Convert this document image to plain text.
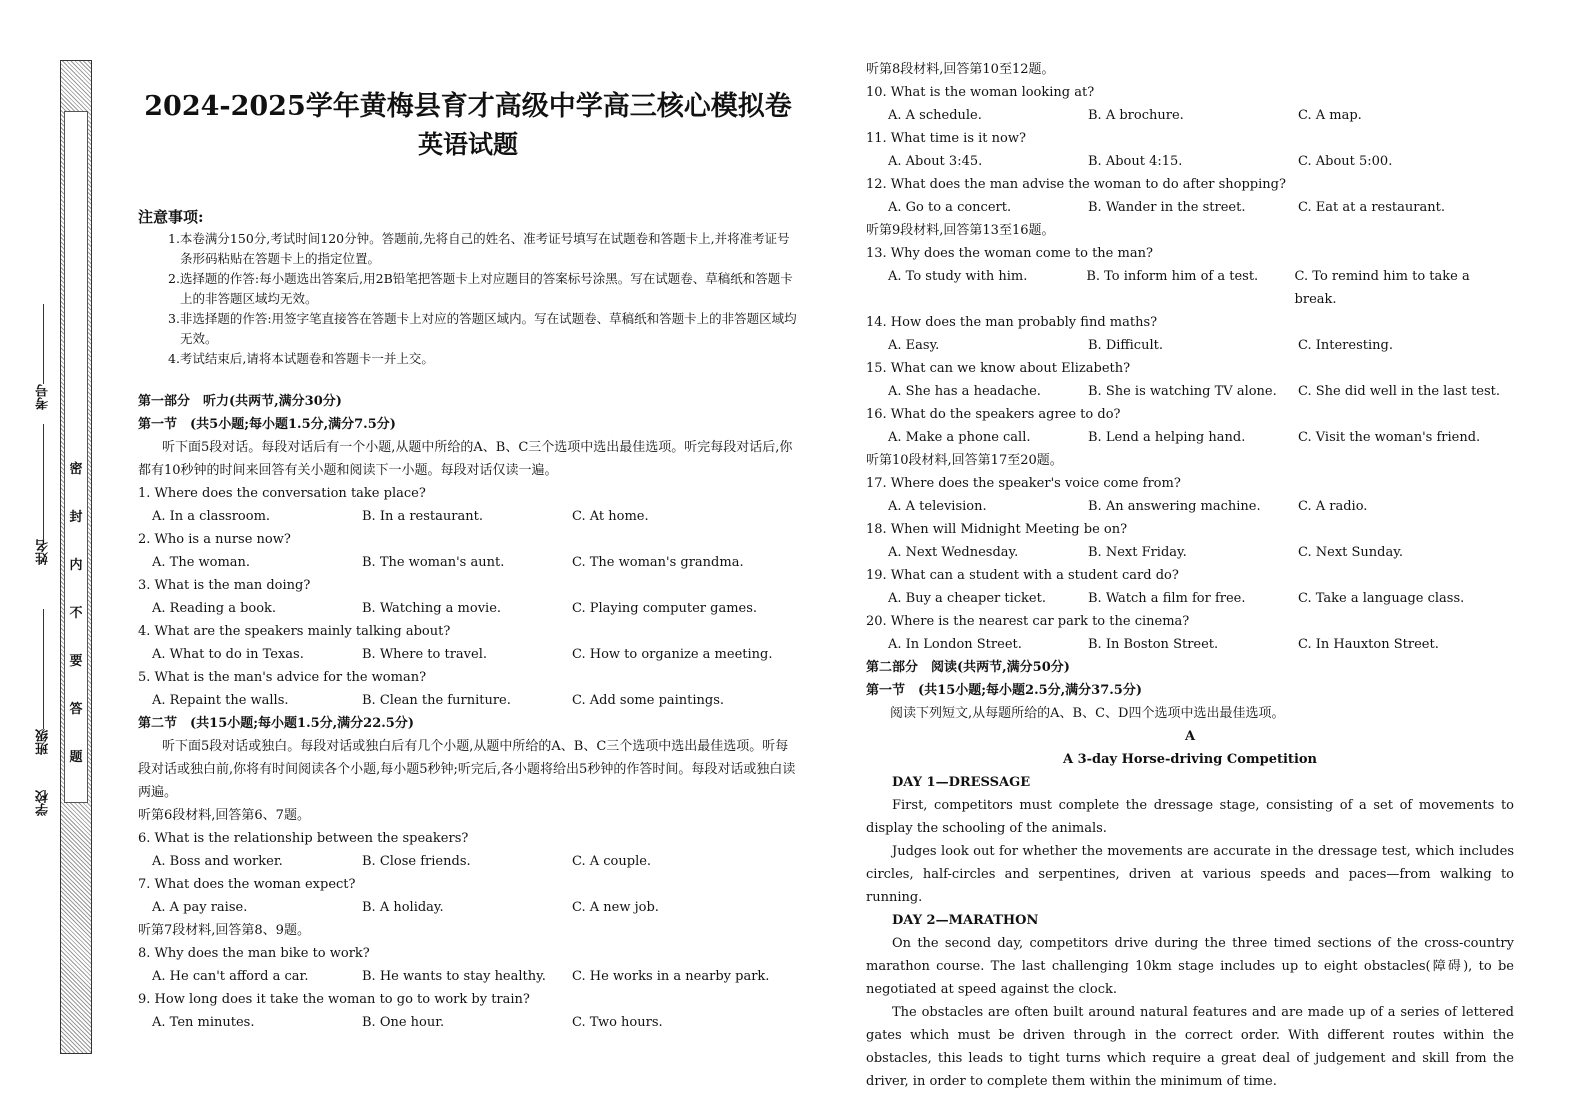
密
封
内
不
要
答
题
学校
班级
姓名
考号
2024-2025学年黄梅县育才高级中学高三核心模拟卷
英语试题
注意事项:

1.本卷满分150分,考试时间120分钟。答题前,先将自己的姓名、准考证号填写在试题卷和答题卡上,并将准考证号条形码粘贴在答题卡上的指定位置。

2.选择题的作答:每小题选出答案后,用2B铅笔把答题卡上对应题目的答案标号涂黑。写在试题卷、草稿纸和答题卡上的非答题区域均无效。

3.非选择题的作答:用签字笔直接答在答题卡上对应的答题区域内。写在试题卷、草稿纸和答题卡上的非答题区域均无效。

4.考试结束后,请将本试题卷和答题卡一并上交。

第一部分　听力(共两节,满分30分)

第一节　(共5小题;每小题1.5分,满分7.5分)

听下面5段对话。每段对话后有一个小题,从题中所给的A、B、C三个选项中选出最佳选项。听完每段对话后,你都有10秒钟的时间来回答有关小题和阅读下一小题。每段对话仅读一遍。

1. Where does the conversation take place?

A. In a classroom.	B. In a restaurant.	C. At home.

2. Who is a nurse now?

A. The woman.	B. The woman's aunt.	C. The woman's grandma.

3. What is the man doing?

A. Reading a book.	B. Watching a movie.	C. Playing computer games.

4. What are the speakers mainly talking about?

A. What to do in Texas.	B. Where to travel.	C. How to organize a meeting.

5. What is the man's advice for the woman?

A. Repaint the walls.	B. Clean the furniture.	C. Add some paintings.

第二节　(共15小题;每小题1.5分,满分22.5分)

听下面5段对话或独白。每段对话或独白后有几个小题,从题中所给的A、B、C三个选项中选出最佳选项。听每段对话或独白前,你将有时间阅读各个小题,每小题5秒钟;听完后,各小题将给出5秒钟的作答时间。每段对话或独白读两遍。

听第6段材料,回答第6、7题。

6. What is the relationship between the speakers?

A. Boss and worker.	B. Close friends.	C. A couple.

7. What does the woman expect?

A. A pay raise.	B. A holiday.	C. A new job.

听第7段材料,回答第8、9题。

8. Why does the man bike to work?

A. He can't afford a car.	B. He wants to stay healthy.	C. He works in a nearby park.

9. How long does it take the woman to go to work by train?

A. Ten minutes.	B. One hour.	C. Two hours.

听第8段材料,回答第10至12题。

10. What is the woman looking at?

A. A schedule.	B. A brochure.	C. A map.

11. What time is it now?

A. About 3:45.	B. About 4:15.	C. About 5:00.

12. What does the man advise the woman to do after shopping?

A. Go to a concert.	B. Wander in the street.	C. Eat at a restaurant.

听第9段材料,回答第13至16题。

13. Why does the woman come to the man?

A. To study with him.	B. To inform him of a test.	C. To remind him to take a break.

14. How does the man probably find maths?

A. Easy.	B. Difficult.	C. Interesting.

15. What can we know about Elizabeth?

A. She has a headache.	B. She is watching TV alone.	C. She did well in the last test.

16. What do the speakers agree to do?

A. Make a phone call.	B. Lend a helping hand.	C. Visit the woman's friend.

听第10段材料,回答第17至20题。

17. Where does the speaker's voice come from?

A. A television.	B. An answering machine.	C. A radio.

18. When will Midnight Meeting be on?

A. Next Wednesday.	B. Next Friday.	C. Next Sunday.

19. What can a student with a student card do?

A. Buy a cheaper ticket.	B. Watch a film for free.	C. Take a language class.

20. Where is the nearest car park to the cinema?

A. In London Street.	B. In Boston Street.	C. In Hauxton Street.

第二部分　阅读(共两节,满分50分)

第一节　(共15小题;每小题2.5分,满分37.5分)

阅读下列短文,从每题所给的A、B、C、D四个选项中选出最佳选项。

A

A 3-day Horse-driving Competition

DAY 1—DRESSAGE

First, competitors must complete the dressage stage, consisting of a set of movements to display the schooling of the animals.

Judges look out for whether the movements are accurate in the dressage test, which includes circles, half-circles and serpentines, driven at various speeds and paces—from walking to running.

DAY 2—MARATHON

On the second day, competitors drive during the three timed sections of the cross-country marathon course. The last challenging 10km stage includes up to eight obstacles(障碍), to be negotiated at speed against the clock.

The obstacles are often built around natural features and are made up of a series of lettered gates which must be driven through in the correct order. With different routes within the obstacles, this leads to tight turns which require a great deal of judgement and skill from the driver, in order to complete them within the minimum of time.
